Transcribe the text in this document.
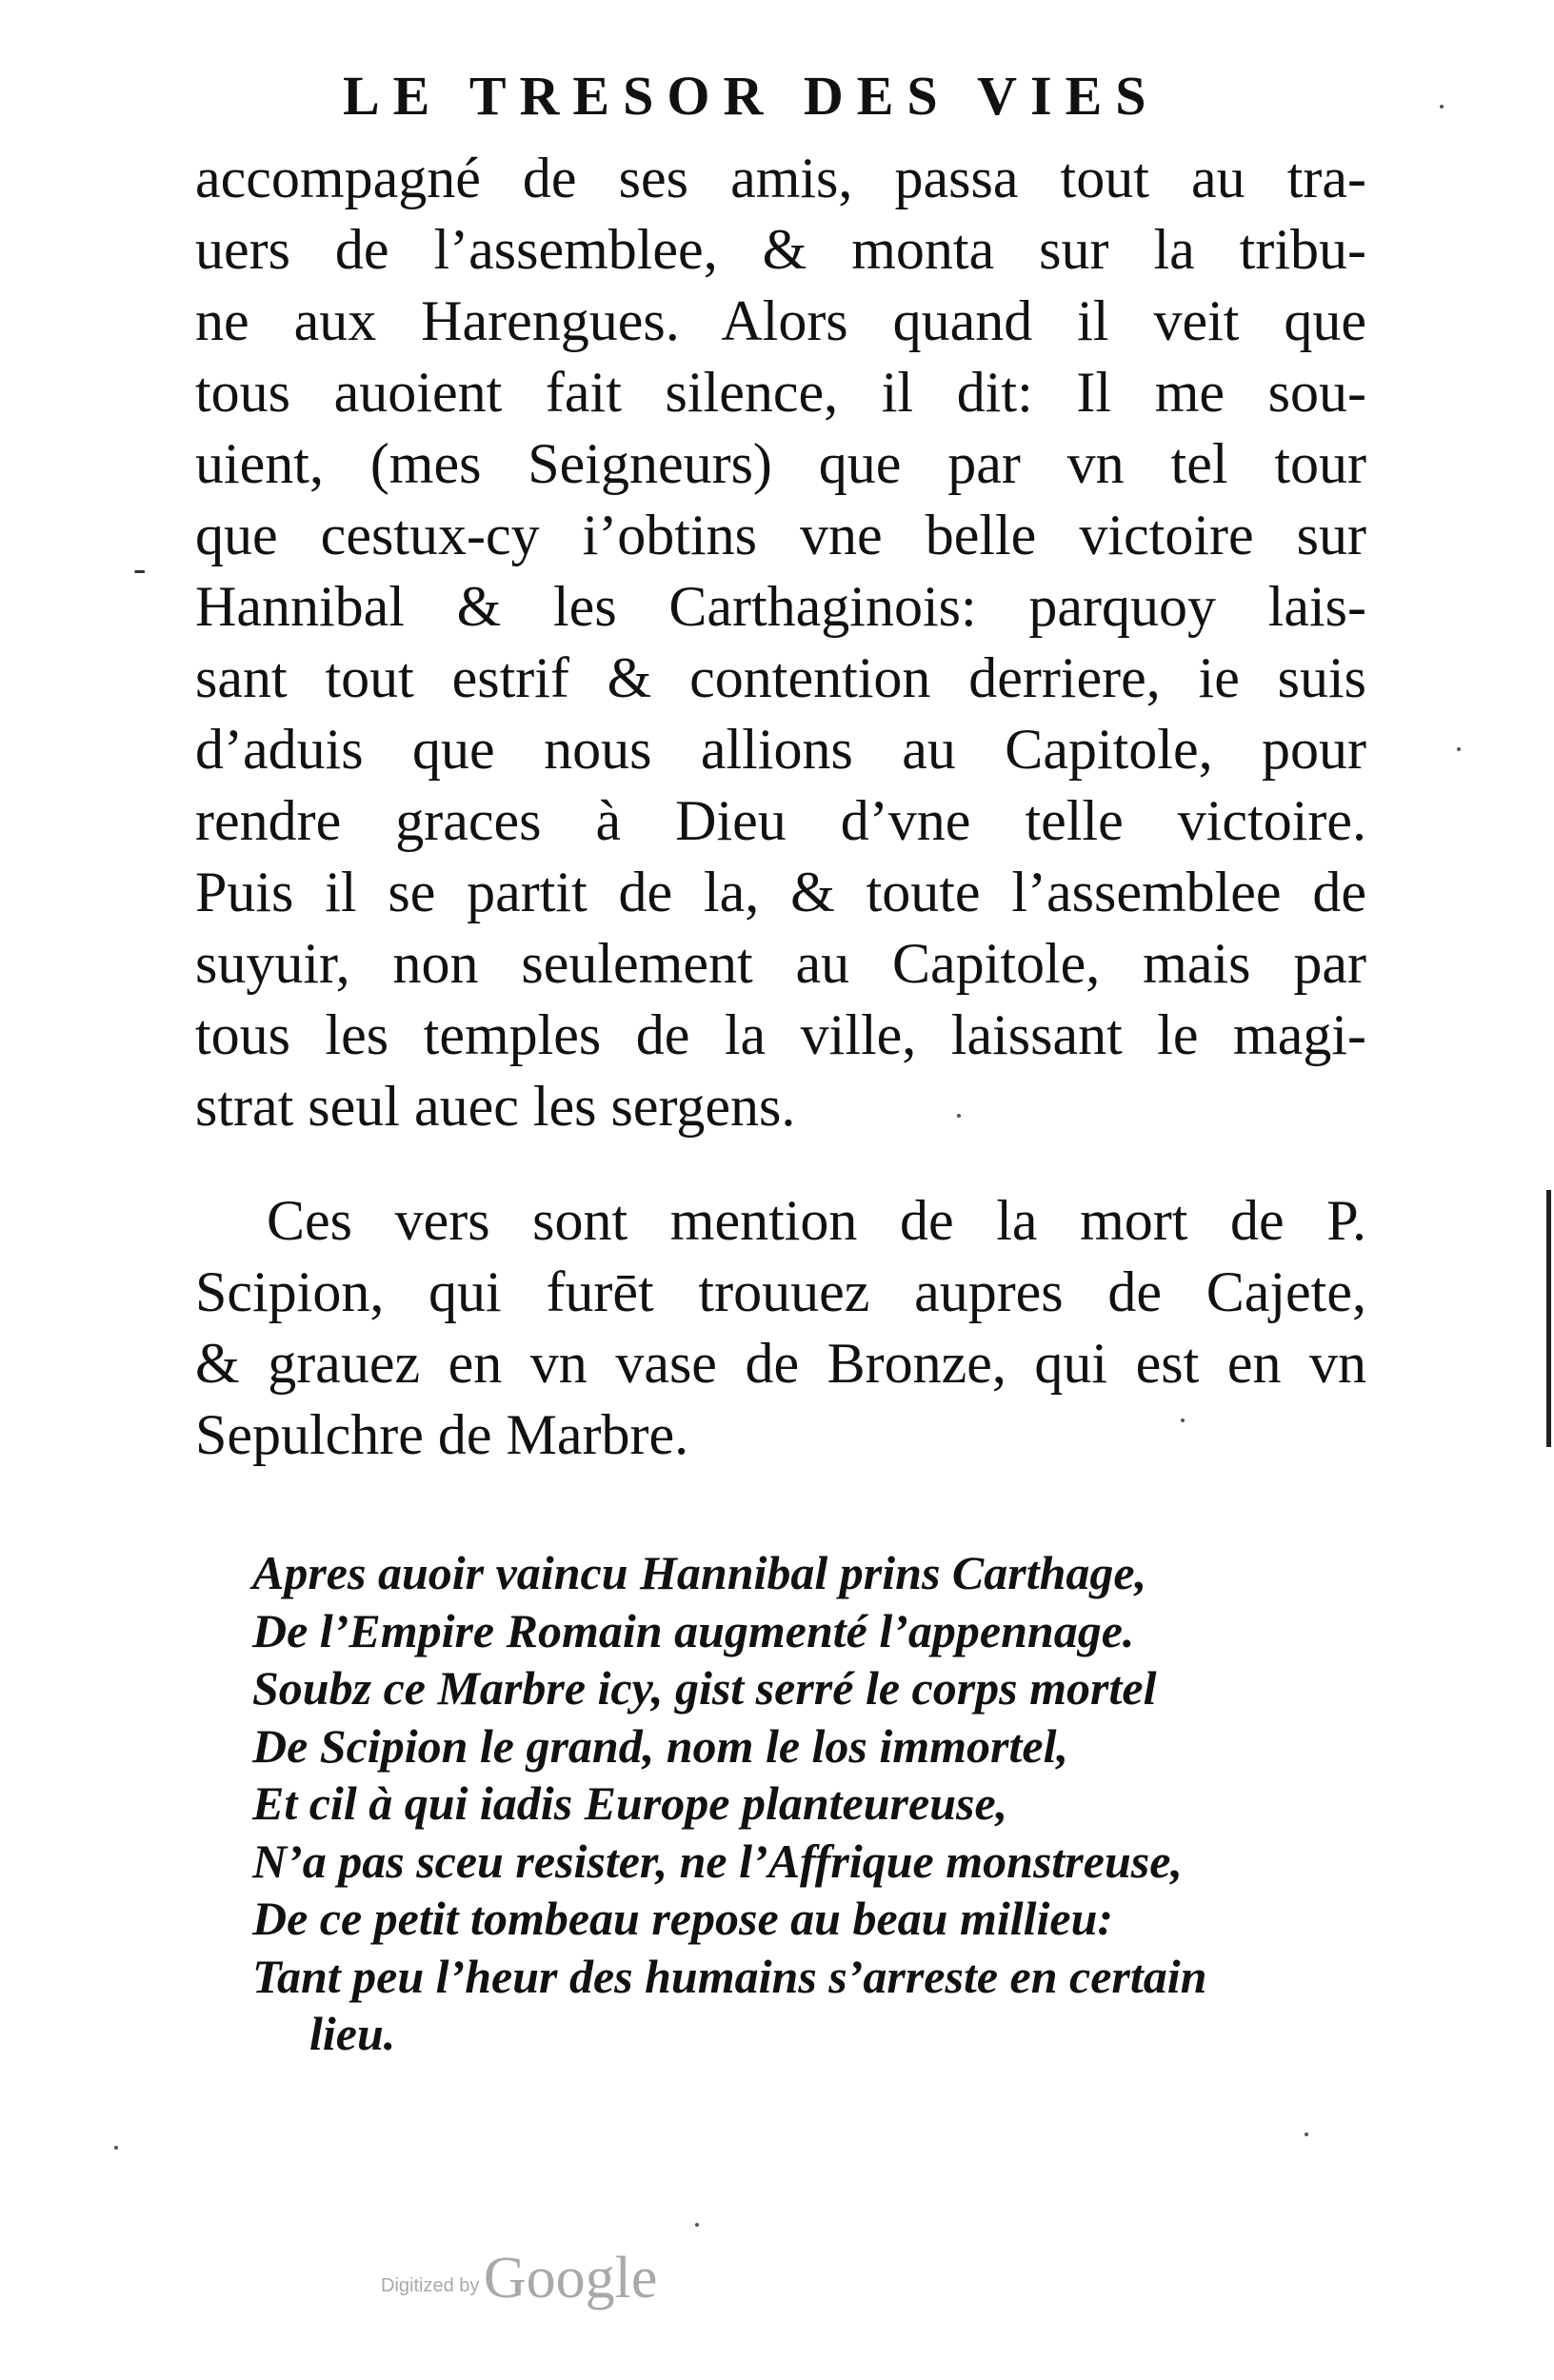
LE TRESOR DES VIES
-
accompagné de ses amis, passa tout au tra-
uers de l’assemblee, & monta sur la tribu-
ne aux Harengues. Alors quand il veit que
tous auoient fait silence, il dit: Il me sou-
uient, (mes Seigneurs) que par vn tel tour
que cestux-cy i’obtins vne belle victoire sur
Hannibal & les Carthaginois: parquoy lais-
sant tout estrif & contention derriere, ie suis
d’aduis que nous allions au Capitole, pour
rendre graces à Dieu d’vne telle victoire.
Puis il se partit de la, & toute l’assemblee de
suyuir, non seulement au Capitole, mais par
tous les temples de la ville, laissant le magi-
strat seul auec les sergens.
Ces vers sont mention de la mort de P.
Scipion, qui furēt trouuez aupres de Cajete,
& grauez en vn vase de Bronze, qui est en vn
Sepulchre de Marbre.
Apres auoir vaincu Hannibal prins Carthage,
De l’Empire Romain augmenté l’appennage.
Soubz ce Marbre icy, gist serré le corps mortel
De Scipion le grand, nom le los immortel,
Et cil à qui iadis Europe planteureuse,
N’a pas sceu resister, ne l’Affrique monstreuse,
De ce petit tombeau repose au beau millieu:
Tant peu l’heur des humains s’arreste en certain
lieu.
Digitized by Google
